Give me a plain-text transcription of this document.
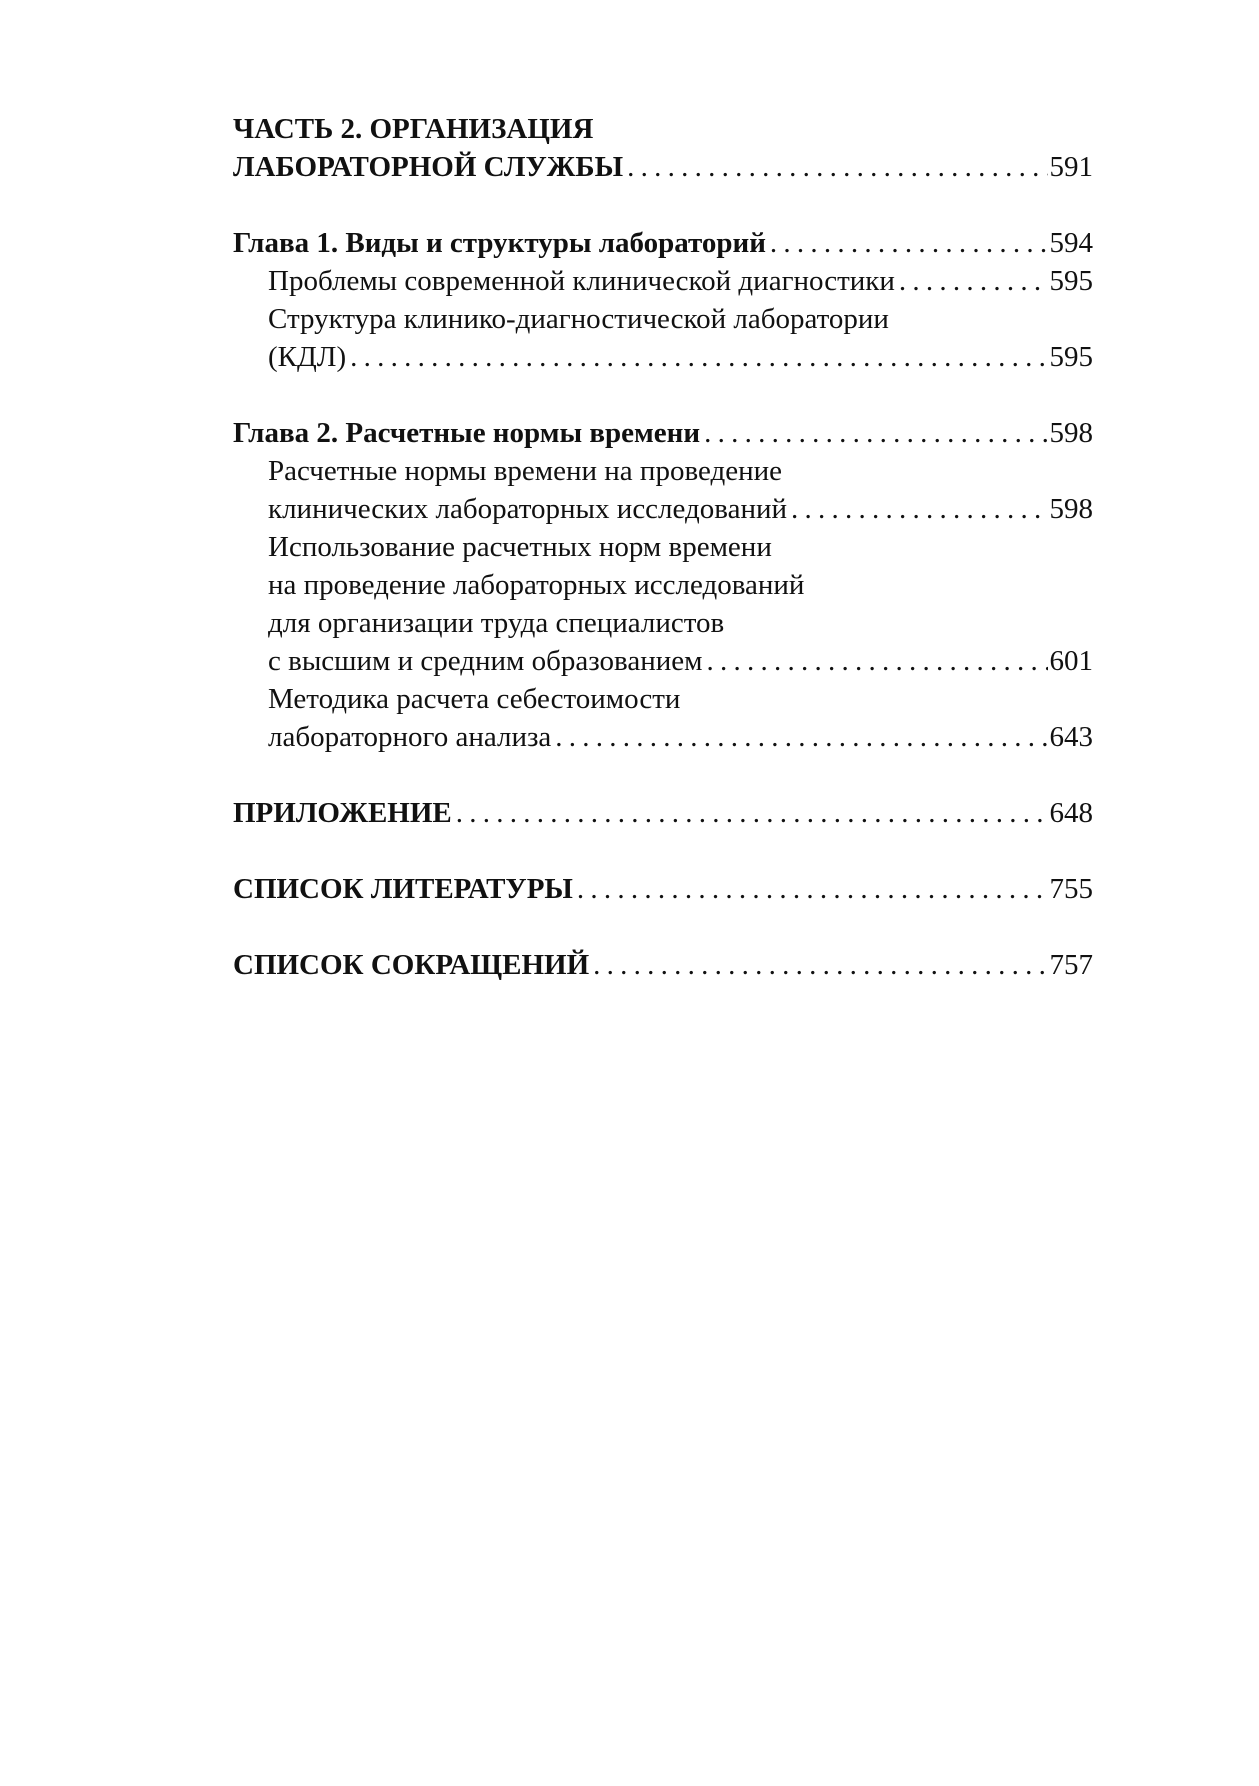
ЧАСТЬ 2. ОРГАНИЗАЦИЯ
ЛАБОРАТОРНОЙ СЛУЖБЫ . . .	591
Глава 1. Виды и структуры лабораторий . . .	594
Проблемы современной клинической диагностики . . .	595
Структура клинико-диагностической лаборатории
(КДЛ) . . .	595
Глава 2. Расчетные нормы времени . . .	598
Расчетные нормы времени на проведение
клинических лабораторных исследований . . .	598
Использование расчетных норм времени
на проведение лабораторных исследований
для организации труда специалистов
с высшим и средним образованием . . .	601
Методика расчета себестоимости
лабораторного анализа . . .	643
ПРИЛОЖЕНИЕ . . .	648
СПИСОК ЛИТЕРАТУРЫ . . .	755
СПИСОК СОКРАЩЕНИЙ . . .	757
